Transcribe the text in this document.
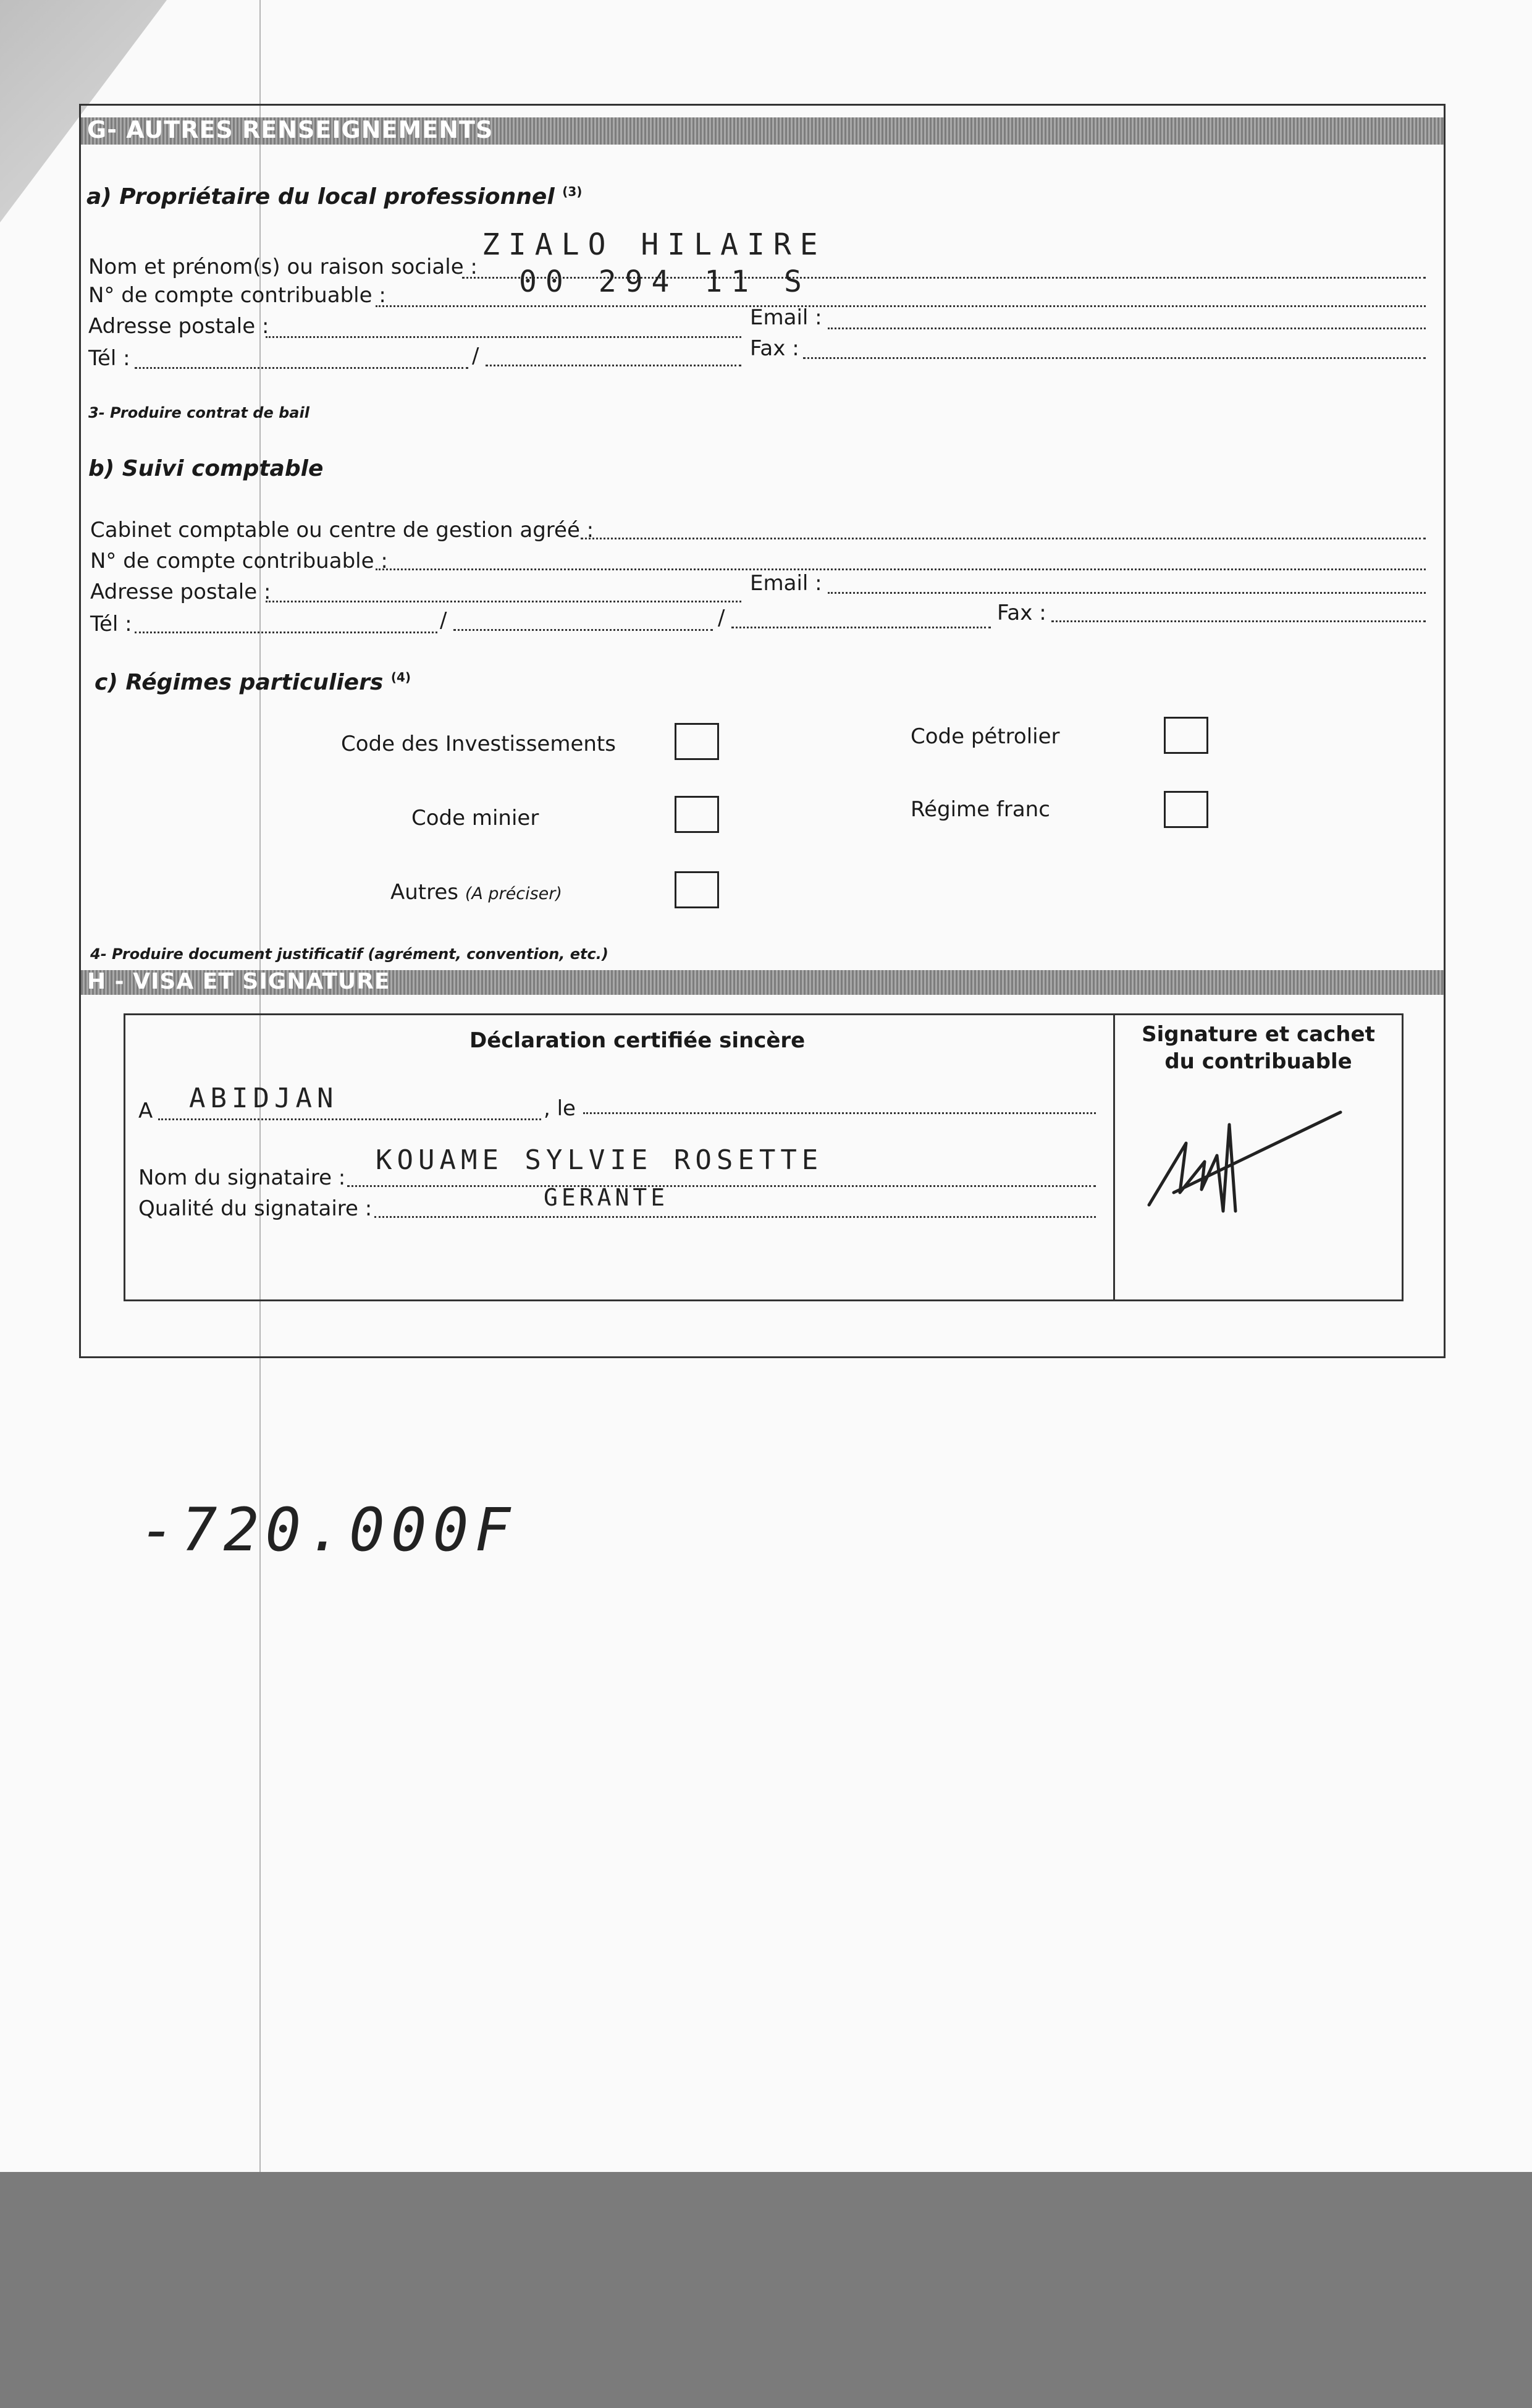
G- AUTRES RENSEIGNEMENTS
a) Propriétaire du local professionnel $^{(3)}$
Nom et prénom(s) ou raison sociale :
ZIALO HILAIRE
N° de compte contribuable :	00 294 11 S
Adresse postale :	Email :
Tél :	/	Fax :
3- Produire contrat de bail
b) Suivi comptable
Cabinet comptable ou centre de gestion agréé :
N° de compte contribuable :
Adresse postale :	Email :
Tél :	/	/	Fax :
c) Régimes particuliers $^{(4)}$
Code des Investissements	Code pétrolier
Code minier	Régime franc
Autres (A préciser)
4- Produire document justificatif (agrément, convention, etc.)
H - VISA ET SIGNATURE
Déclaration certifiée sincère
A ABIDJAN	, le
Nom du signataire :
KOUAME SYLVIE ROSETTE
Qualité du signataire :	GERANTE
Signature et cachet du contribuable
-720.000F
